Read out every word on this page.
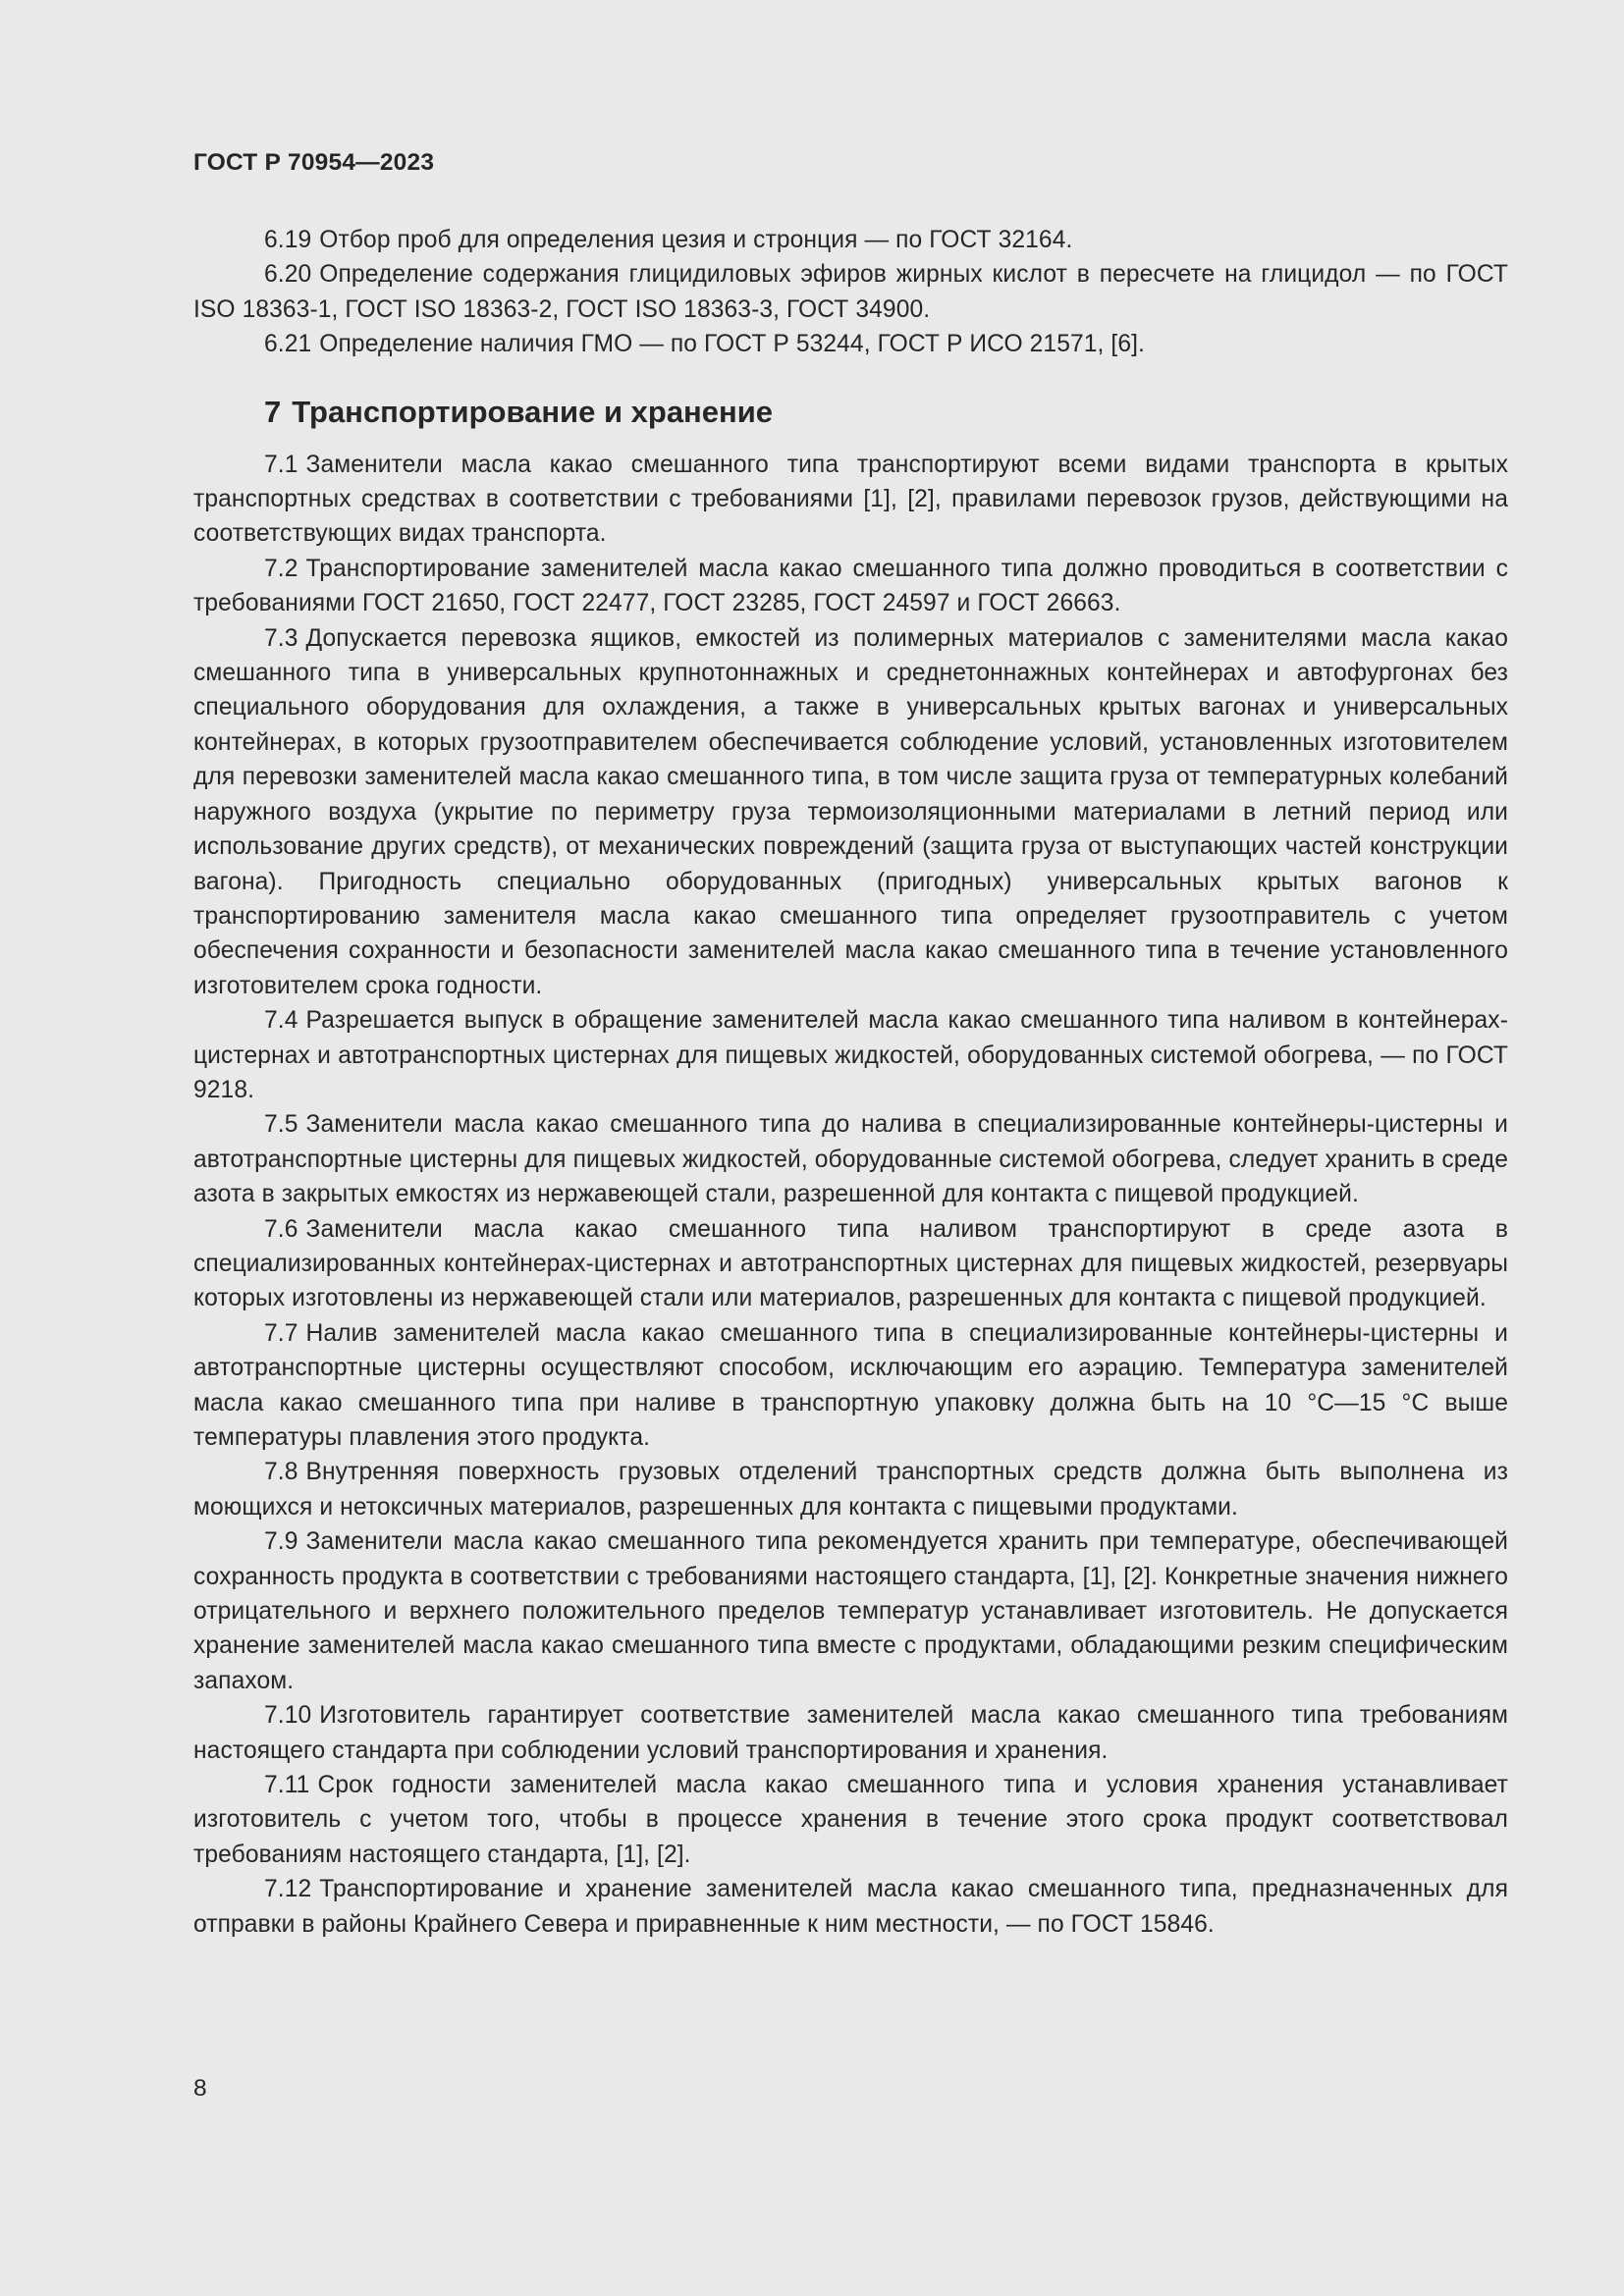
ГОСТ Р 70954—2023

6.19 Отбор проб для определения цезия и стронция — по ГОСТ 32164.

6.20 Определение содержания глицидиловых эфиров жирных кислот в пересчете на глицидол — по ГОСТ ISO 18363-1, ГОСТ ISO 18363-2, ГОСТ ISO 18363-3, ГОСТ 34900.

6.21 Определение наличия ГМО — по ГОСТ Р 53244, ГОСТ Р ИСО 21571, [6].

7 Транспортирование и хранение

7.1 Заменители масла какао смешанного типа транспортируют всеми видами транспорта в крытых транспортных средствах в соответствии с требованиями [1], [2], правилами перевозок грузов, действующими на соответствующих видах транспорта.

7.2 Транспортирование заменителей масла какао смешанного типа должно проводиться в соответствии с требованиями ГОСТ 21650, ГОСТ 22477, ГОСТ 23285, ГОСТ 24597 и ГОСТ 26663.

7.3 Допускается перевозка ящиков, емкостей из полимерных материалов с заменителями масла какао смешанного типа в универсальных крупнотоннажных и среднетоннажных контейнерах и автофургонах без специального оборудования для охлаждения, а также в универсальных крытых вагонах и универсальных контейнерах, в которых грузоотправителем обеспечивается соблюдение условий, установленных изготовителем для перевозки заменителей масла какао смешанного типа, в том числе защита груза от температурных колебаний наружного воздуха (укрытие по периметру груза термоизоляционными материалами в летний период или использование других средств), от механических повреждений (защита груза от выступающих частей конструкции вагона). Пригодность специально оборудованных (пригодных) универсальных крытых вагонов к транспортированию заменителя масла какао смешанного типа определяет грузоотправитель с учетом обеспечения сохранности и безопасности заменителей масла какао смешанного типа в течение установленного изготовителем срока годности.

7.4 Разрешается выпуск в обращение заменителей масла какао смешанного типа наливом в контейнерах-цистернах и автотранспортных цистернах для пищевых жидкостей, оборудованных системой обогрева, — по ГОСТ 9218.

7.5 Заменители масла какао смешанного типа до налива в специализированные контейнеры-цистерны и автотранспортные цистерны для пищевых жидкостей, оборудованные системой обогрева, следует хранить в среде азота в закрытых емкостях из нержавеющей стали, разрешенной для контакта с пищевой продукцией.

7.6 Заменители масла какао смешанного типа наливом транспортируют в среде азота в специализированных контейнерах-цистернах и автотранспортных цистернах для пищевых жидкостей, резервуары которых изготовлены из нержавеющей стали или материалов, разрешенных для контакта с пищевой продукцией.

7.7 Налив заменителей масла какао смешанного типа в специализированные контейнеры-цистерны и автотранспортные цистерны осуществляют способом, исключающим его аэрацию. Температура заменителей масла какао смешанного типа при наливе в транспортную упаковку должна быть на 10 °С—15 °С выше температуры плавления этого продукта.

7.8 Внутренняя поверхность грузовых отделений транспортных средств должна быть выполнена из моющихся и нетоксичных материалов, разрешенных для контакта с пищевыми продуктами.

7.9 Заменители масла какао смешанного типа рекомендуется хранить при температуре, обеспечивающей сохранность продукта в соответствии с требованиями настоящего стандарта, [1], [2]. Конкретные значения нижнего отрицательного и верхнего положительного пределов температур устанавливает изготовитель. Не допускается хранение заменителей масла какао смешанного типа вместе с продуктами, обладающими резким специфическим запахом.

7.10 Изготовитель гарантирует соответствие заменителей масла какао смешанного типа требованиям настоящего стандарта при соблюдении условий транспортирования и хранения.

7.11 Срок годности заменителей масла какао смешанного типа и условия хранения устанавливает изготовитель с учетом того, чтобы в процессе хранения в течение этого срока продукт соответствовал требованиям настоящего стандарта, [1], [2].

7.12 Транспортирование и хранение заменителей масла какао смешанного типа, предназначенных для отправки в районы Крайнего Севера и приравненные к ним местности, — по ГОСТ 15846.

8
